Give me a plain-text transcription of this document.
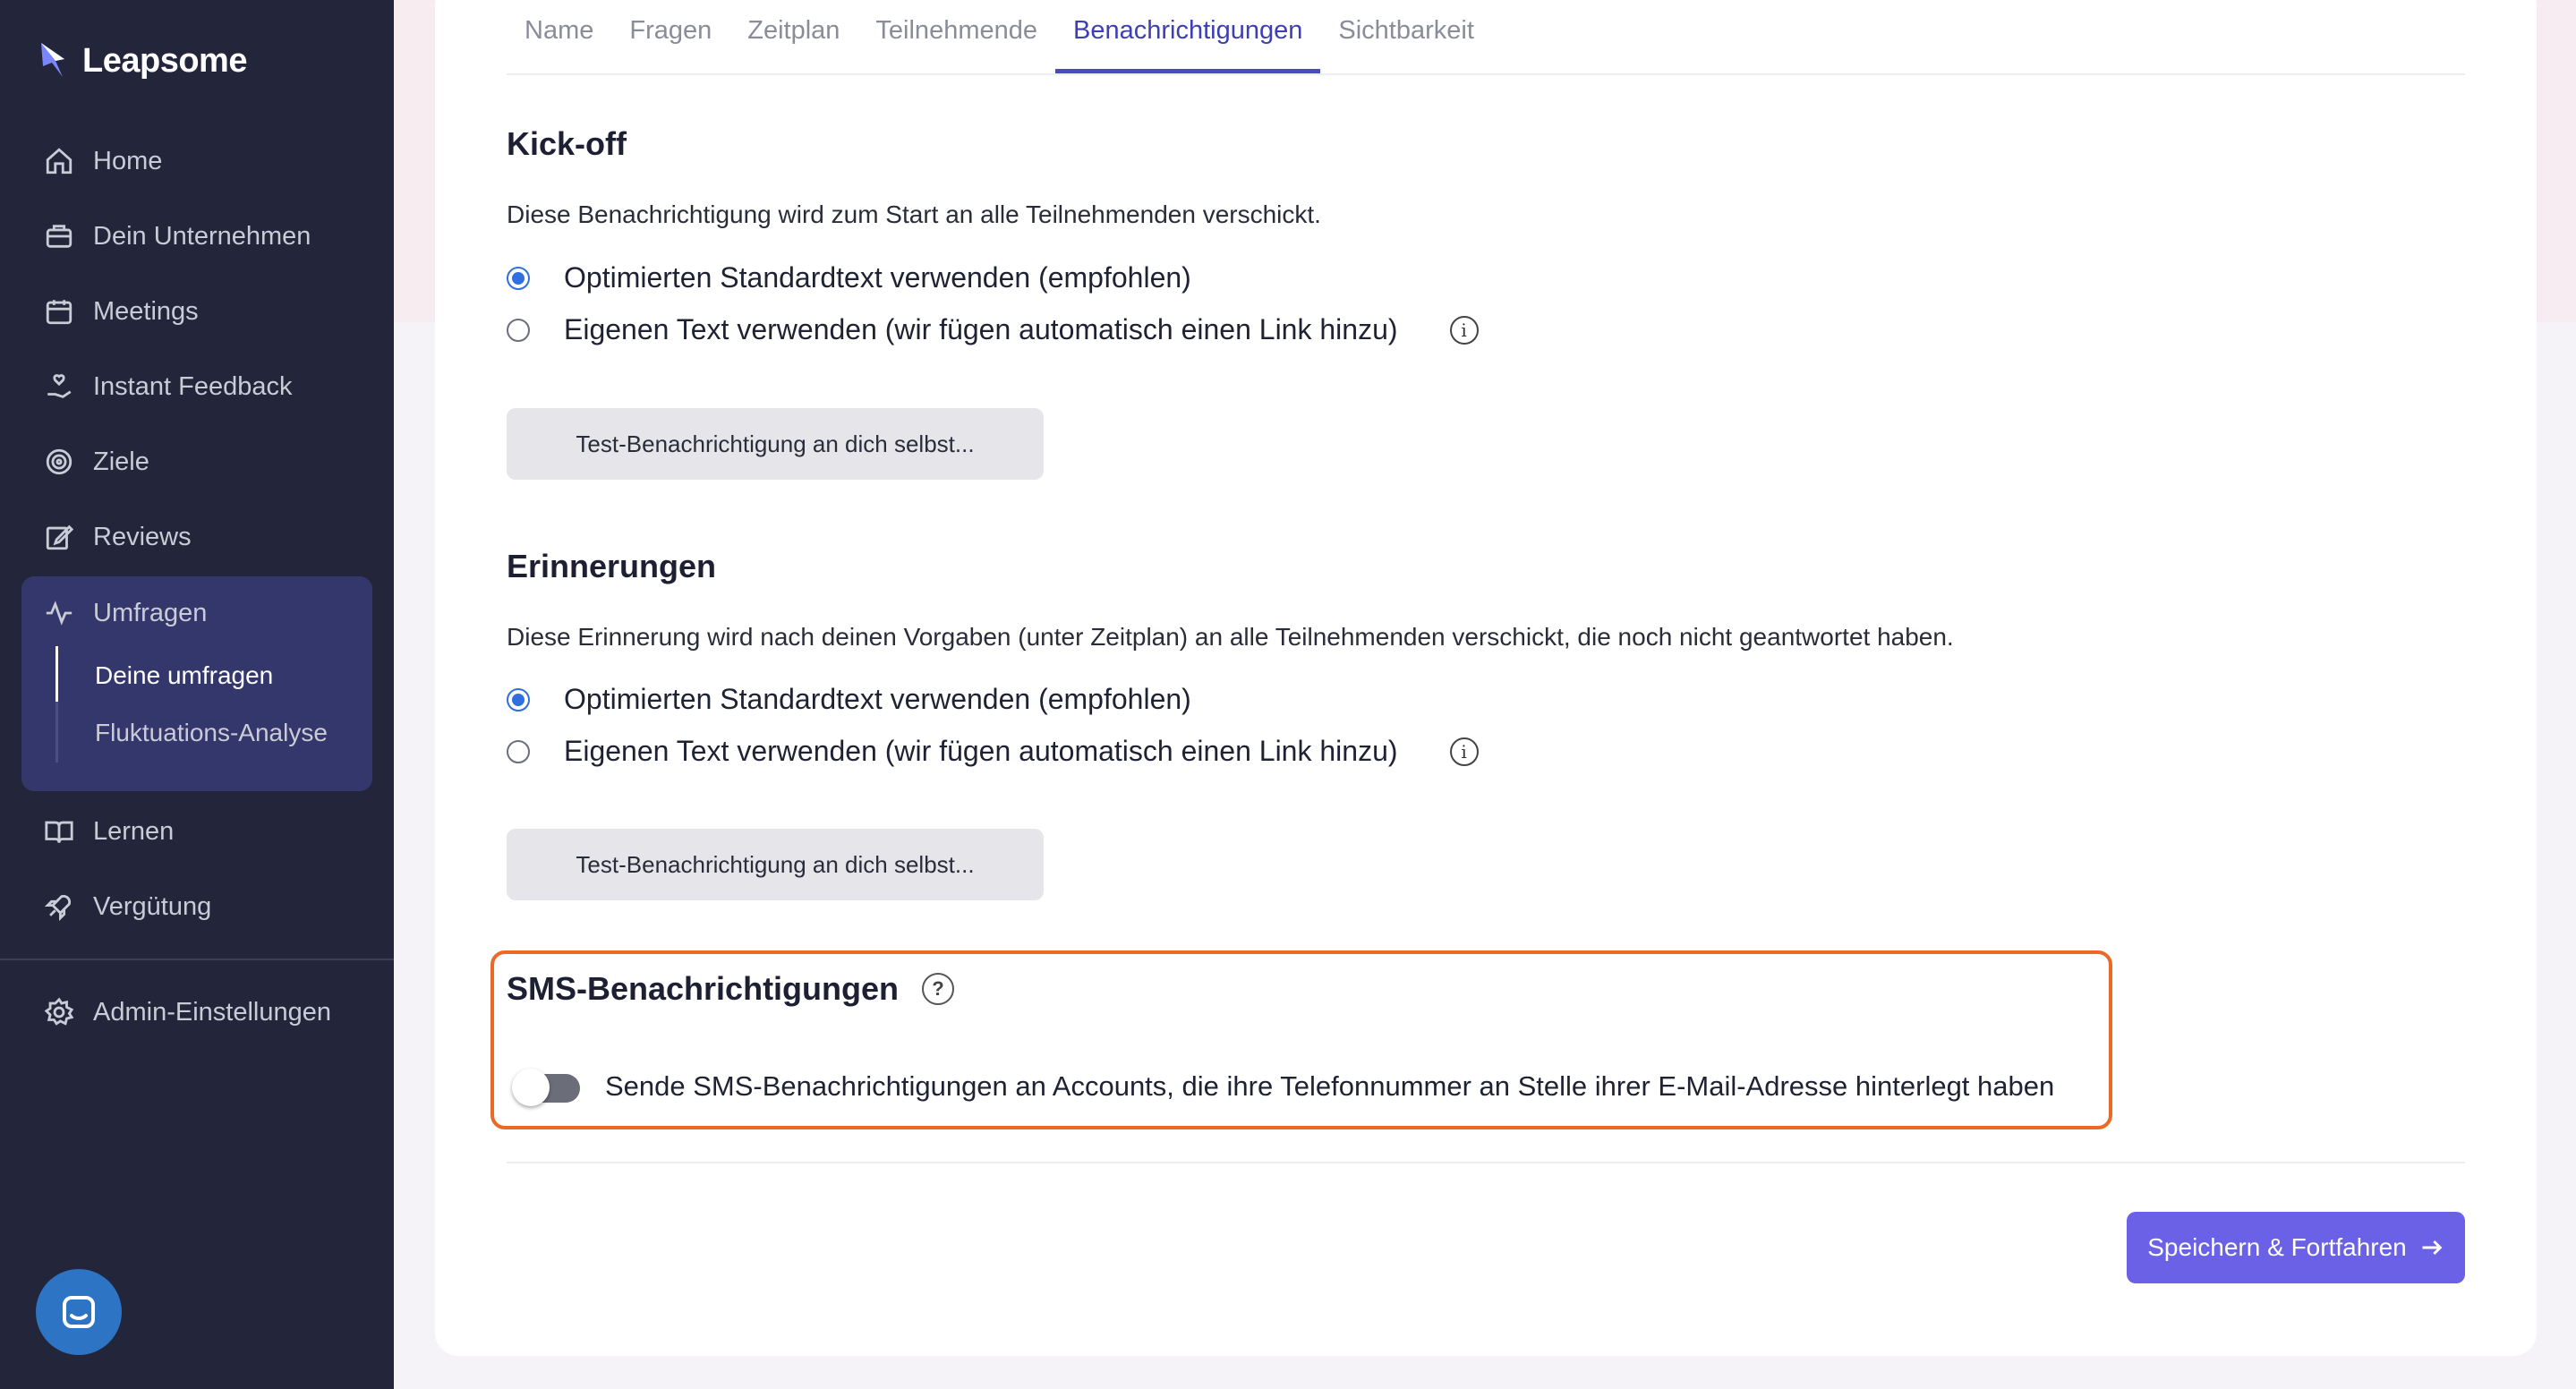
Leapsome
Home
Dein Unternehmen
Meetings
Instant Feedback
Ziele
Reviews
Umfragen
Deine umfragen
Fluktuations-Analyse
Lernen
Vergütung
Admin-Einstellungen
Name	Fragen	Zeitplan	Teilnehmende	Benachrichtigungen	Sichtbarkeit
Kick-off
Diese Benachrichtigung wird zum Start an alle Teilnehmenden verschickt.
Optimierten Standardtext verwenden (empfohlen)
Eigenen Text verwenden (wir fügen automatisch einen Link hinzu)	i
Test-Benachrichtigung an dich selbst...
Erinnerungen
Diese Erinnerung wird nach deinen Vorgaben (unter Zeitplan) an alle Teilnehmenden verschickt, die noch nicht geantwortet haben.
Optimierten Standardtext verwenden (empfohlen)
Eigenen Text verwenden (wir fügen automatisch einen Link hinzu)	i
Test-Benachrichtigung an dich selbst...
SMS-Benachrichtigungen	?
Sende SMS-Benachrichtigungen an Accounts, die ihre Telefonnummer an Stelle ihrer E-Mail-Adresse hinterlegt haben
Speichern & Fortfahren
